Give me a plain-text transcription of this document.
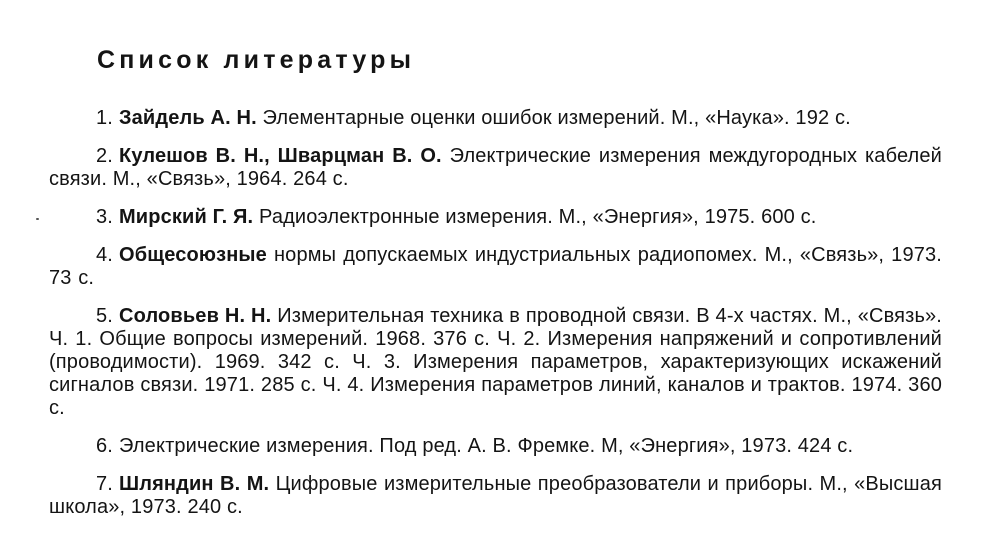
Список литературы
1. Зайдель А. Н. Элементарные оценки ошибок измерений. М., «Наука». 192 с.
2. Кулешов В. Н., Шварцман В. О. Электрические измерения междугородных кабелей связи. М., «Связь», 1964. 264 с.
3. Мирский Г. Я. Радиоэлектронные измерения. М., «Энергия», 1975. 600 с.
4. Общесоюзные нормы допускаемых индустриальных радиопомех. М., «Связь», 1973. 73 с.
5. Соловьев Н. Н. Измерительная техника в проводной связи. В 4-х частях. М., «Связь». Ч. 1. Общие вопросы измерений. 1968. 376 с. Ч. 2. Измерения напряжений и сопротивлений (проводимости). 1969. 342 с. Ч. 3. Измерения параметров, характеризующих искажений сигналов связи. 1971. 285 с. Ч. 4. Измерения параметров линий, каналов и трактов. 1974. 360 с.
6. Электрические измерения. Под ред. А. В. Фремке. М, «Энергия», 1973. 424 с.
7. Шляндин В. М. Цифровые измерительные преобразователи и приборы. М., «Высшая школа», 1973. 240 с.
